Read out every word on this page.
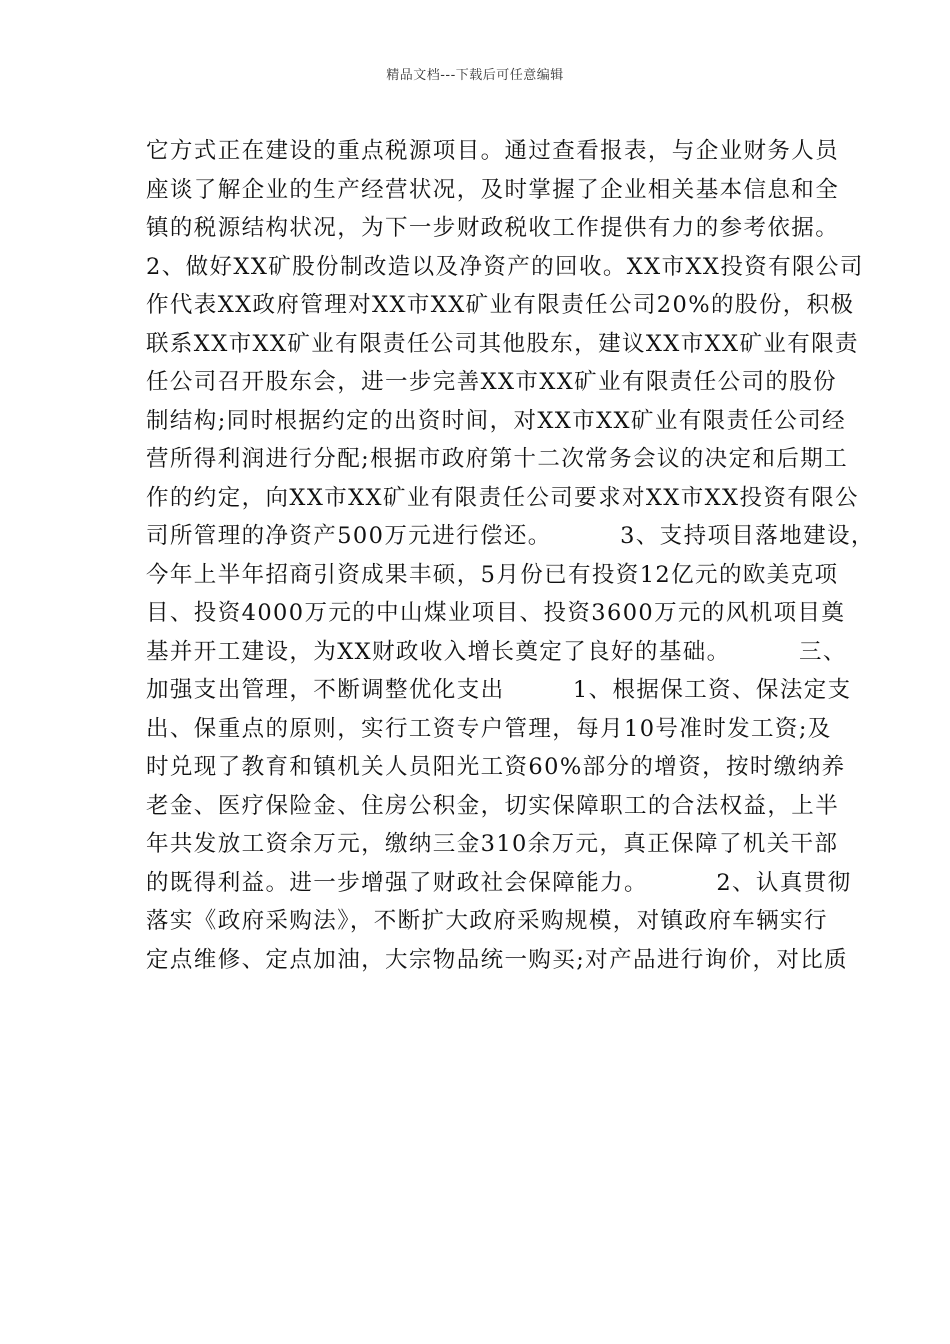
精品文档---下载后可任意编辑
它方式正在建设的重点税源项目。通过查看报表，与企业财务人员
座谈了解企业的生产经营状况，及时掌握了企业相关基本信息和全
镇的税源结构状况，为下一步财政税收工作提供有力的参考依据。
2、做好XX矿股份制改造以及净资产的回收。XX市XX投资有限公司
作代表XX政府管理对XX市XX矿业有限责任公司20%的股份，积极
联系XX市XX矿业有限责任公司其他股东，建议XX市XX矿业有限责
任公司召开股东会，进一步完善XX市XX矿业有限责任公司的股份
制结构;同时根据约定的出资时间，对XX市XX矿业有限责任公司经
营所得利润进行分配;根据市政府第十二次常务会议的决定和后期工
作的约定，向XX市XX矿业有限责任公司要求对XX市XX投资有限公
司所管理的净资产500万元进行偿还。        3、支持项目落地建设，
今年上半年招商引资成果丰硕，5月份已有投资12亿元的欧美克项
目、投资4000万元的中山煤业项目、投资3600万元的风机项目奠
基并开工建设，为XX财政收入增长奠定了良好的基础。        三、
加强支出管理，不断调整优化支出        1、根据保工资、保法定支
出、保重点的原则，实行工资专户管理，每月10号准时发工资;及
时兑现了教育和镇机关人员阳光工资60%部分的增资，按时缴纳养
老金、医疗保险金、住房公积金，切实保障职工的合法权益，上半
年共发放工资余万元，缴纳三金310余万元，真正保障了机关干部
的既得利益。进一步增强了财政社会保障能力。        2、认真贯彻
落实《政府采购法》，不断扩大政府采购规模，对镇政府车辆实行
定点维修、定点加油，大宗物品统一购买;对产品进行询价，对比质
